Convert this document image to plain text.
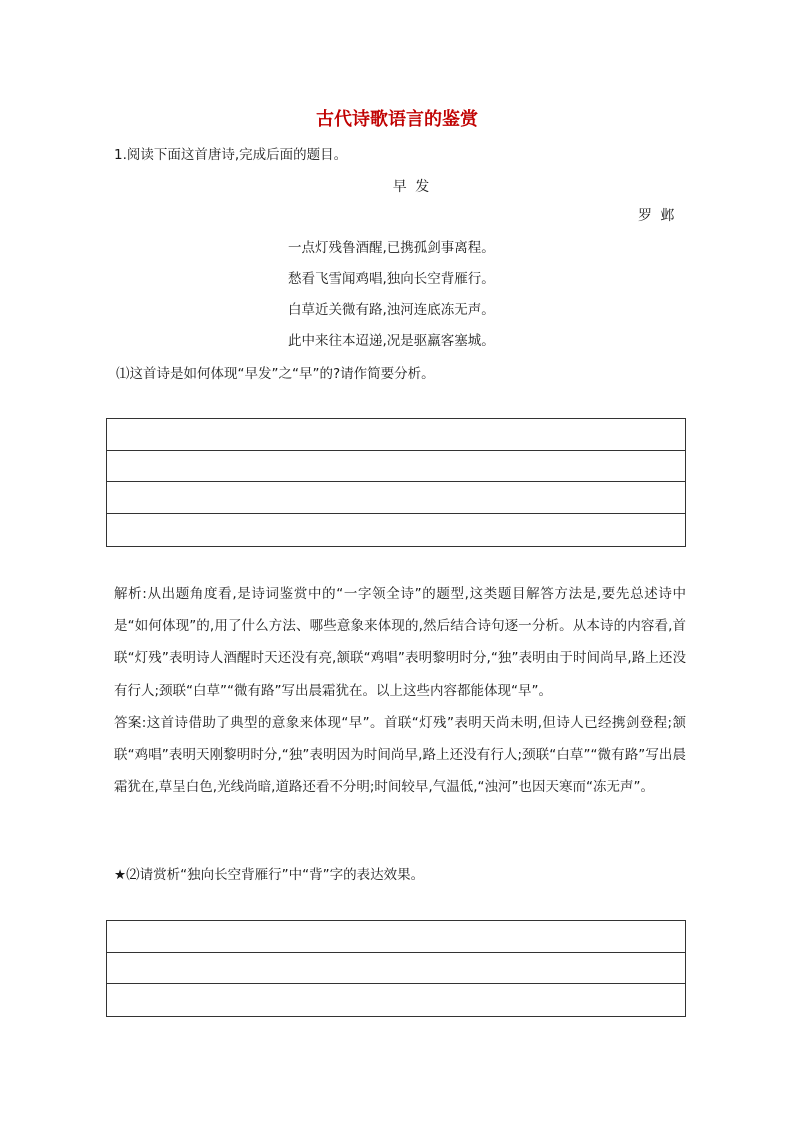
古代诗歌语言的鉴赏
1.阅读下面这首唐诗,完成后面的题目。
早 发
罗 邺
一点灯残鲁酒醒,已携孤剑事离程。
愁看飞雪闻鸡唱,独向长空背雁行。
白草近关微有路,浊河连底冻无声。
此中来往本迢递,况是驱羸客塞城。
⑴这首诗是如何体现“早发”之“早”的?请作简要分析。
解析:从出题角度看,是诗词鉴赏中的“一字领全诗”的题型,这类题目解答方法是,要先总述诗中是“如何体现”的,用了什么方法、哪些意象来体现的,然后结合诗句逐一分析。从本诗的内容看,首联“灯残”表明诗人酒醒时天还没有亮,颔联“鸡唱”表明黎明时分,“独”表明由于时间尚早,路上还没有行人;颈联“白草”“微有路”写出晨霜犹在。以上这些内容都能体现“早”。
答案:这首诗借助了典型的意象来体现“早”。首联“灯残”表明天尚未明,但诗人已经携剑登程;颔联“鸡唱”表明天刚黎明时分,“独”表明因为时间尚早,路上还没有行人;颈联“白草”“微有路”写出晨霜犹在,草呈白色,光线尚暗,道路还看不分明;时间较早,气温低,“浊河”也因天寒而“冻无声”。
★⑵请赏析“独向长空背雁行”中“背”字的表达效果。
